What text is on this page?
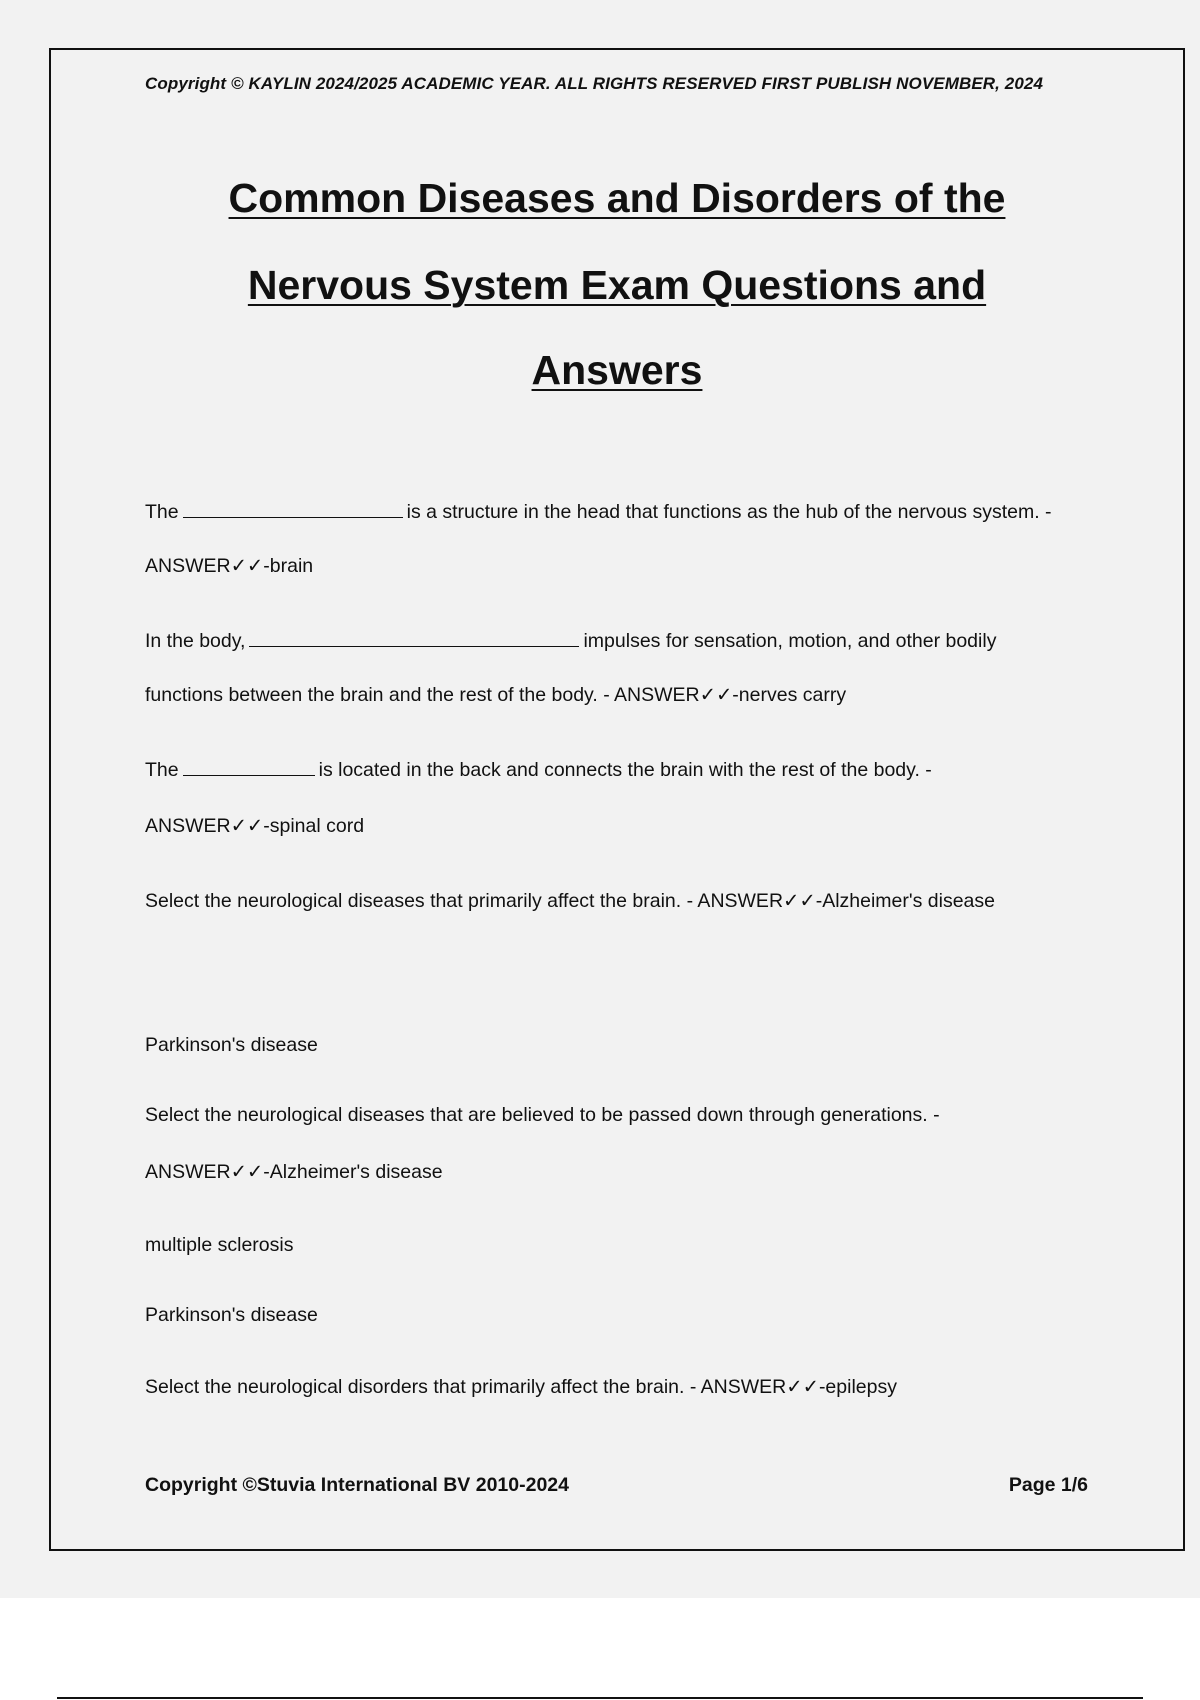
Copyright © KAYLIN 2024/2025 ACADEMIC YEAR. ALL RIGHTS RESERVED FIRST PUBLISH NOVEMBER, 2024
Common Diseases and Disorders of the
Nervous System Exam Questions and
Answers
The	is a structure in the head that functions as the hub of the nervous system. -
ANSWER✓✓-brain
In the body,	impulses for sensation, motion, and other bodily
functions between the brain and the rest of the body. - ANSWER✓✓-nerves carry
The	is located in the back and connects the brain with the rest of the body. -
ANSWER✓✓-spinal cord
Select the neurological diseases that primarily affect the brain. - ANSWER✓✓-Alzheimer's disease
Parkinson's disease
Select the neurological diseases that are believed to be passed down through generations. -
ANSWER✓✓-Alzheimer's disease
multiple sclerosis
Parkinson's disease
Select the neurological disorders that primarily affect the brain. - ANSWER✓✓-epilepsy
Copyright ©Stuvia International BV 2010-2024	Page 1/6
